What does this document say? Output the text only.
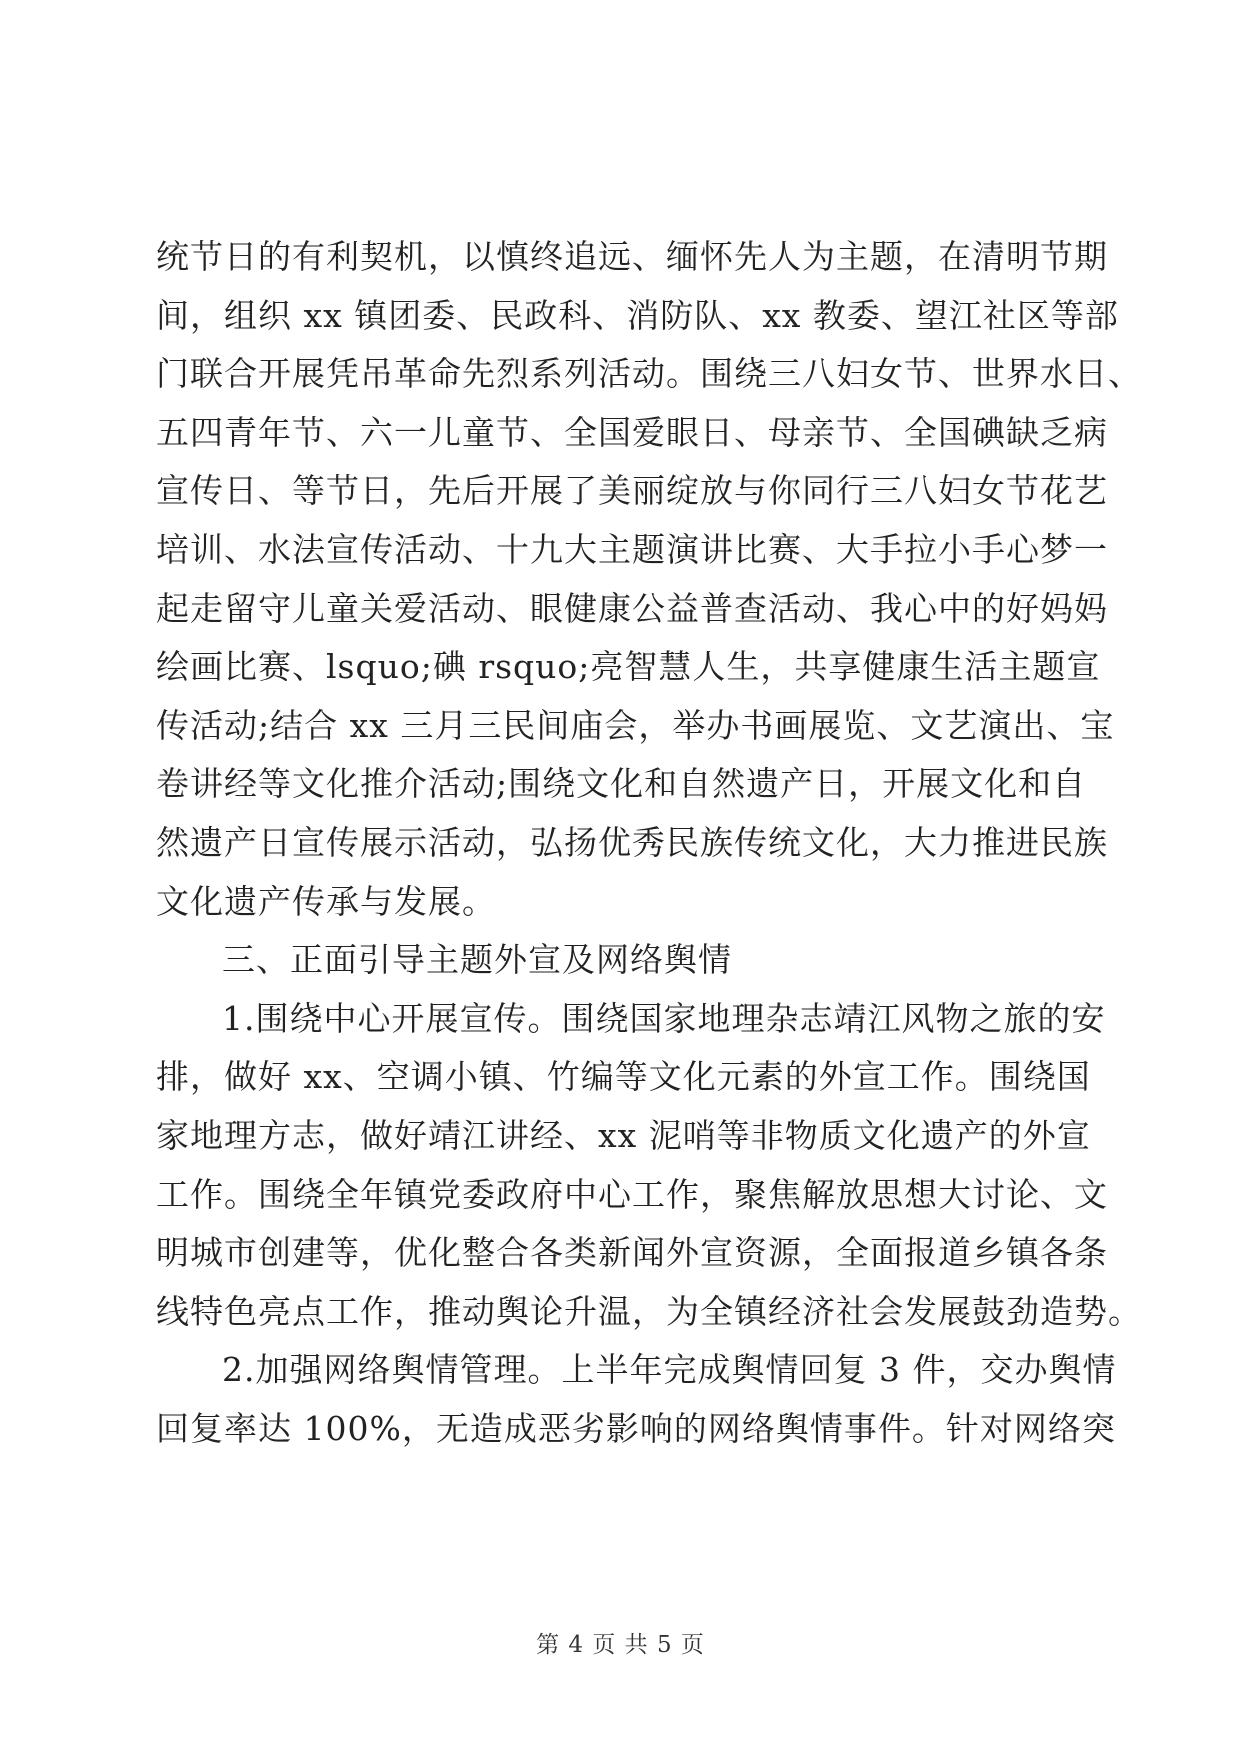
统节日的有利契机，以慎终追远、缅怀先人为主题，在清明节期
间，组织 xx 镇团委、民政科、消防队、xx 教委、望江社区等部
门联合开展凭吊革命先烈系列活动。围绕三八妇女节、世界水日、
五四青年节、六一儿童节、全国爱眼日、母亲节、全国碘缺乏病
宣传日、等节日，先后开展了美丽绽放与你同行三八妇女节花艺
培训、水法宣传活动、十九大主题演讲比赛、大手拉小手心梦一
起走留守儿童关爱活动、眼健康公益普查活动、我心中的好妈妈
绘画比赛、lsquo;碘 rsquo;亮智慧人生，共享健康生活主题宣
传活动;结合 xx 三月三民间庙会，举办书画展览、文艺演出、宝
卷讲经等文化推介活动;围绕文化和自然遗产日，开展文化和自
然遗产日宣传展示活动，弘扬优秀民族传统文化，大力推进民族
文化遗产传承与发展。
三、正面引导主题外宣及网络舆情
1.围绕中心开展宣传。围绕国家地理杂志靖江风物之旅的安
排，做好 xx、空调小镇、竹编等文化元素的外宣工作。围绕国
家地理方志，做好靖江讲经、xx 泥哨等非物质文化遗产的外宣
工作。围绕全年镇党委政府中心工作，聚焦解放思想大讨论、文
明城市创建等，优化整合各类新闻外宣资源，全面报道乡镇各条
线特色亮点工作，推动舆论升温，为全镇经济社会发展鼓劲造势。
2.加强网络舆情管理。上半年完成舆情回复 3 件，交办舆情
回复率达 100%，无造成恶劣影响的网络舆情事件。针对网络突
第 4 页 共 5 页
